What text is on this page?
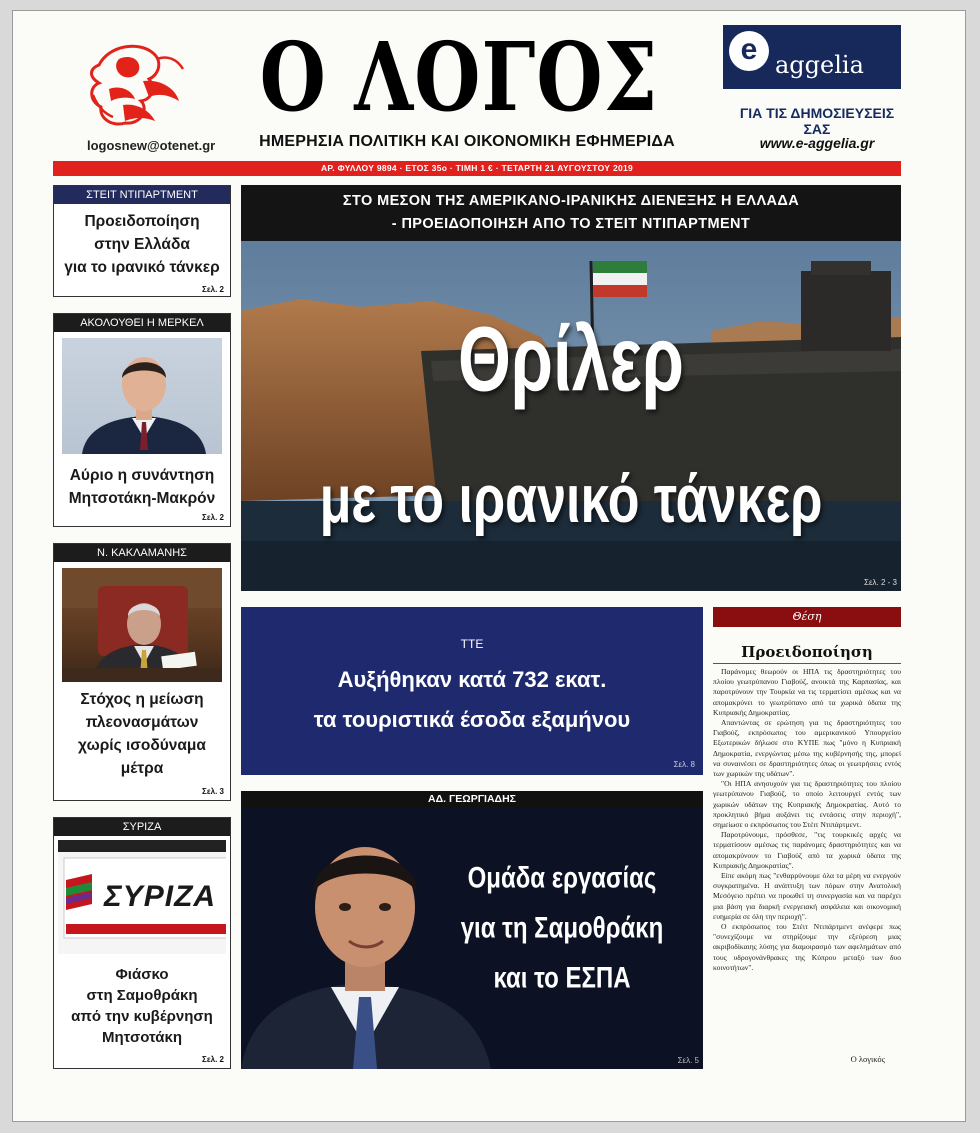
logosnew@otenet.gr
Ο ΛΟΓΟΣ
ΗΜΕΡΗΣΙΑ ΠΟΛΙΤΙΚΗ ΚΑΙ ΟΙΚΟΝΟΜΙΚΗ ΕΦΗΜΕΡΙΔΑ
e aggelia
ΓΙΑ ΤΙΣ ΔΗΜΟΣΙΕΥΣΕΙΣ ΣΑΣ
www.e-aggelia.gr
ΑΡ. ΦΥΛΛΟΥ 9894 · ΕΤΟΣ 35ο · ΤΙΜΗ 1 € · ΤΕΤΑΡΤΗ 21 ΑΥΓΟΥΣΤΟΥ 2019
ΣΤΕΙΤ ΝΤΙΠΑΡΤΜΕΝΤ
Προειδοποίηση
στην Ελλάδα
για το ιρανικό τάνκερ
Σελ. 2
ΑΚΟΛΟΥΘΕΙ Η ΜΕΡΚΕΛ
Αύριο η συνάντηση
Μητσοτάκη-Μακρόν
Σελ. 2
Ν. ΚΑΚΛΑΜΑΝΗΣ
Στόχος η μείωση
πλεονασμάτων
χωρίς ισοδύναμα
μέτρα
Σελ. 3
ΣΥΡΙΖΑ
ΣΥΡΙΖΑ
Φιάσκο
στη Σαμοθράκη
από την κυβέρνηση
Μητσοτάκη
Σελ. 2
ΣΤΟ ΜΕΣΟΝ ΤΗΣ ΑΜΕΡΙΚΑΝΟ-ΙΡΑΝΙΚΗΣ ΔΙΕΝΕΞΗΣ Η ΕΛΛΑΔΑ
- ΠΡΟΕΙΔΟΠΟΙΗΣΗ ΑΠΟ ΤΟ ΣΤΕΙΤ ΝΤΙΠΑΡΤΜΕΝΤ
Θρίλερ
με το ιρανικό τάνκερ
Σελ. 2 - 3
ΤΤΕ
Αυξήθηκαν κατά 732 εκατ.
τα τουριστικά έσοδα εξαμήνου
Σελ. 8
ΑΔ. ΓΕΩΡΓΙΑΔΗΣ
Ομάδα εργασίας
για τη Σαμοθράκη
και το ΕΣΠΑ
Σελ. 5
Θέση
Προειδοποίηση

Παράνομες θεωρούν οι ΗΠΑ τις δραστηριότητες του πλοίου γεωτρύπανου Γιαβούζ, ανοικτά της Καρπασίας, και παροτρύνουν την Τουρκία να τις τερματίσει αμέσως και να απομακρύνει το γεωτρύπανο από τα χωρικά ύδατα της Κυπριακής Δημοκρατίας.

Απαντώντας σε ερώτηση για τις δραστηριότητες του Γιαβούζ, εκπρόσωπος του αμερικανικού Υπουργείου Εξωτερικών δήλωσε στο ΚΥΠΕ πως "μόνο η Κυπριακή Δημοκρατία, ενεργώντας μέσω της κυβέρνησής της, μπορεί να συναινέσει σε δραστηριότητες όπως οι γεωτρήσεις εντός των χωρικών της υδάτων".

"Οι ΗΠΑ ανησυχούν για τις δραστηριότητες του πλοίου γεωτρύπανου Γιαβούζ, το οποίο λειτουργεί εντός των χωρικών υδάτων της Κυπριακής Δημοκρατίας. Αυτό το προκλητικό βήμα αυξάνει τις εντάσεις στην περιοχή", σημείωσε ο εκπρόσωπος του Στέιτ Ντιπάρτμεντ.

Παροτρύνουμε, πρόσθεσε, "τις τουρκικές αρχές να τερματίσουν αμέσως τις παράνομες δραστηριότητες και να απομακρύνουν το Γιαβούζ από τα χωρικά ύδατα της Κυπριακής Δημοκρατίας".

Είπε ακόμη πως "ενθαρρύνουμε όλα τα μέρη να ενεργούν συγκρατημένα. Η ανάπτυξη των πόρων στην Ανατολική Μεσόγειο πρέπει να προωθεί τη συνεργασία και να παρέχει μια βάση για διαρκή ενεργειακή ασφάλεια και οικονομική ευημερία σε όλη την περιοχή".

Ο εκπρόσωπος του Στέιτ Ντιπάρτμεντ ανέφερε πως "συνεχίζουμε να στηρίζουμε την εξεύρεση μιας ακριβοδίκαιης λύσης για διαμοιρασμό των αφελημάτων από τους υδρογονάνθρακες της Κύπρου μεταξύ των δυο κοινοτήτων".

Ο λογικός
